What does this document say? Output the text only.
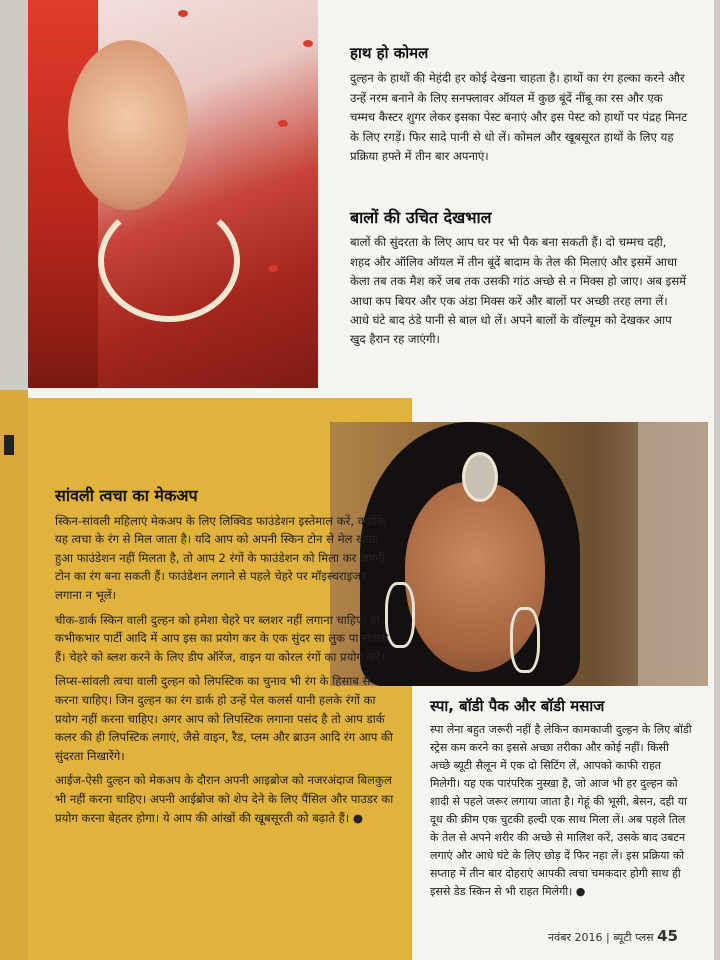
हाथ हो कोमल

दुल्हन के हाथों की मेहंदी हर कोई देखना चाहता है। हाथों का रंग हल्का करने और उन्हें नरम बनाने के लिए सनफ्लावर ऑयल में कुछ बूंदें नींबू का रस और एक चम्मच कैस्टर शुगर लेकर इसका पेस्ट बनाएं और इस पेस्ट को हाथों पर पंद्रह मिनट के लिए रगड़ें। फिर सादे पानी से धो लें। कोमल और खूबसूरत हाथों के लिए यह प्रक्रिया हफ्ते में तीन बार अपनाएं।

बालों की उचित देखभाल

बालों की सुंदरता के लिए आप घर पर भी पैक बना सकती हैं। दो चम्मच दही, शहद और ऑलिव ऑयल में तीन बूंदें बादाम के तेल की मिलाएं और इसमें आधा केला तब तक मैश करें जब तक उसकी गांठ अच्छे से न मिक्स हो जाए। अब इसमें आधा कप बियर और एक अंडा मिक्स करें और बालों पर अच्छी तरह लगा लें। आधे घंटे बाद ठंडे पानी से बाल धो लें। अपने बालों के वॉल्यूम को देखकर आप खुद हैरान रह जाएंगी।

सांवली त्वचा का मेकअप

स्किन-सांवली महिलाएं मेकअप के लिए लिक्विड फाउंडेशन इस्तेमाल करें, क्योंकि यह त्वचा के रंग से मिल जाता है। यदि आप को अपनी स्किन टोन से मेल खाता हुआ फाउंडेशन नहीं मिलता है, तो आप 2 रंगों के फाउंडेशन को मिला कर अपनी टोन का रंग बना सकती हैं। फाउंडेशन लगाने से पहले चेहरे पर मॉइस्चराइजर लगाना न भूलें।

चीक-डार्क स्किन वाली दुल्हन को हमेशा चेहरे पर ब्लशर नहीं लगाना चाहिए। हां, कभीकभार पार्टी आदि में आप इस का प्रयोग कर के एक सुंदर सा लुक पा सकती हैं। चेहरे को ब्लश करने के लिए डीप ऑरेंज, वाइन या कोरल रंगों का प्रयोग करें।

लिप्स-सांवली त्वचा वाली दुल्हन को लिपस्टिक का चुनाव भी रंग के हिसाब से करना चाहिए। जिन दुल्हन का रंग डार्क हो उन्हें पेल कलर्स यानी हलके रंगों का प्रयोग नहीं करना चाहिए। अगर आप को लिपस्टिक लगाना पसंद है तो आप डार्क कलर की ही लिपस्टिक लगाएं, जैसे वाइन, रैड, प्लम और ब्राउन आदि रंग आप की सुंदरता निखारेंगे।

आईज-ऐसी दुल्हन को मेकअप के दौरान अपनी आइब्रोज को नजरअंदाज बिलकुल भी नहीं करना चाहिए। अपनी आईब्रोज को शेप देने के लिए पैंसिल और पाउडर का प्रयोग करना बेहतर होगा। ये आप की आंखों की खूबसूरती को बढ़ाते हैं। ●

स्पा, बॉडी पैक और बॉडी मसाज

स्पा लेना बहुत जरूरी नहीं है लेकिन कामकाजी दुल्हन के लिए बॉडी स्ट्रेस कम करने का इससे अच्छा तरीका और कोई नहीं। किसी अच्छे ब्यूटी सैलून में एक दो सिटिंग लें, आपको काफी राहत मिलेगी। यह एक पारंपरिक नुस्खा है, जो आज भी हर दुल्हन को शादी से पहले जरूर लगाया जाता है। गेहूं की भूसी, बेसन, दही या दूध की क्रीम एक चुटकी हल्दी एक साथ मिला लें। अब पहले तिल के तेल से अपने शरीर की अच्छे से मालिश करें, उसके बाद उबटन लगाएं और आधे घंटे के लिए छोड़ दें फिर नहा लें। इस प्रक्रिया को सप्ताह में तीन बार दोहराएं आपकी त्वचा चमकदार होगी साथ ही इससे डेड स्किन से भी राहत मिलेगी। ●

नवंबर 2016 | ब्यूटी प्लस 45
